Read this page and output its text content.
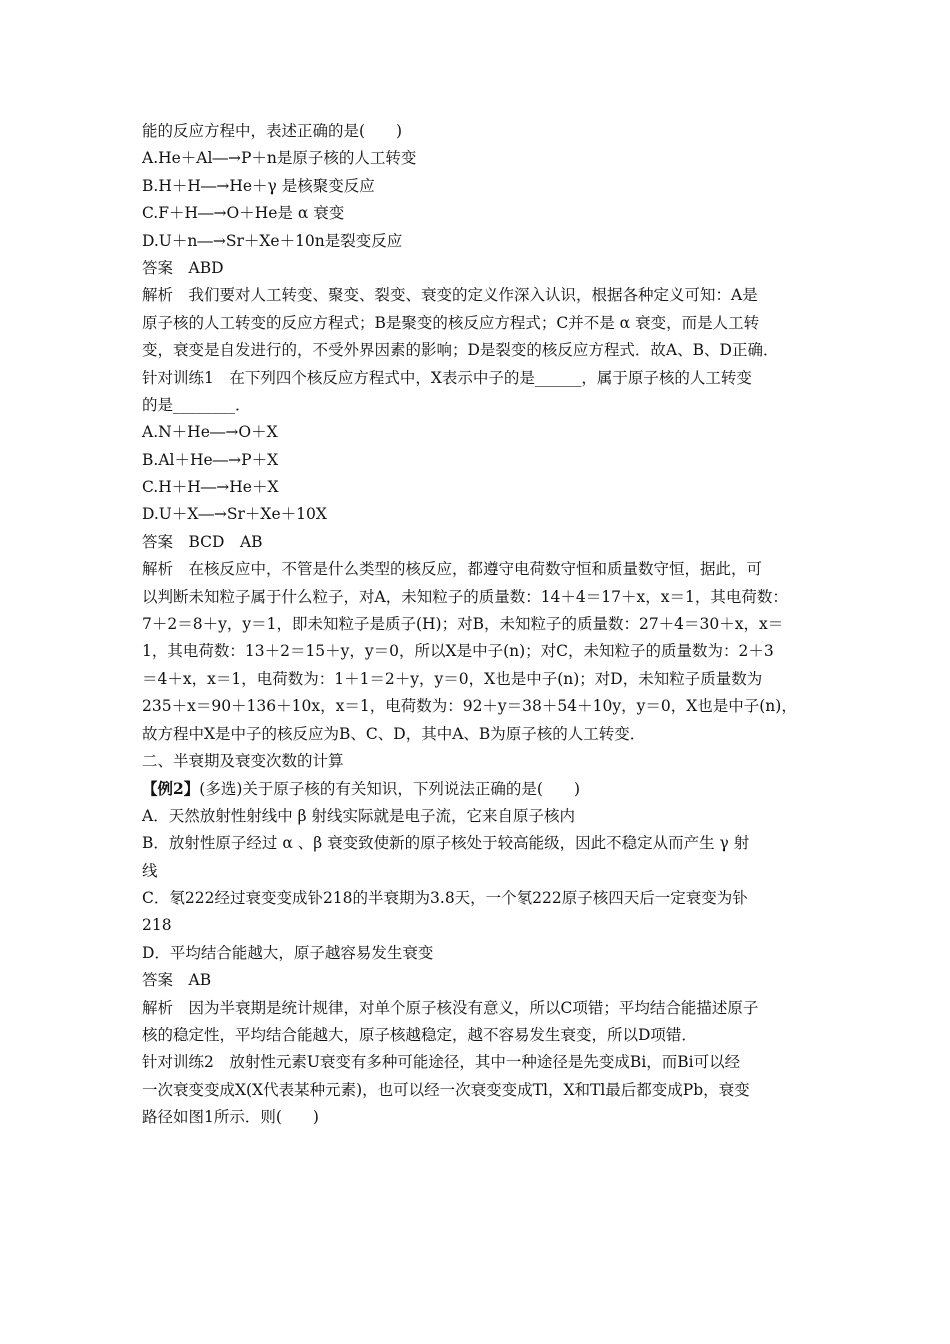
能的反应方程中，表述正确的是(　　)
A.He＋Al―→P＋n是原子核的人工转变
B.H＋H―→He＋γ 是核聚变反应
C.F＋H―→O＋He是 α 衰变
D.U＋n―→Sr＋Xe＋10n是裂变反应
答案　ABD
解析　我们要对人工转变、聚变、裂变、衰变的定义作深入认识，根据各种定义可知：A是
原子核的人工转变的反应方程式；B是聚变的核反应方程式；C并不是 α 衰变，而是人工转
变，衰变是自发进行的，不受外界因素的影响；D是裂变的核反应方程式．故A、B、D正确．
针对训练1　在下列四个核反应方程式中，X表示中子的是______，属于原子核的人工转变
的是________．
A.N＋He―→O＋X
B.Al＋He―→P＋X
C.H＋H―→He＋X
D.U＋X―→Sr＋Xe＋10X
答案　BCD　AB
解析　在核反应中，不管是什么类型的核反应，都遵守电荷数守恒和质量数守恒，据此，可
以判断未知粒子属于什么粒子，对A，未知粒子的质量数：14＋4＝17＋x，x＝1，其电荷数：
7＋2＝8＋y，y＝1，即未知粒子是质子(H)；对B，未知粒子的质量数：27＋4＝30＋x，x＝
1，其电荷数：13＋2＝15＋y，y＝0，所以X是中子(n)；对C，未知粒子的质量数为：2＋3
＝4＋x，x＝1，电荷数为：1＋1＝2＋y，y＝0，X也是中子(n)；对D，未知粒子质量数为
235＋x＝90＋136＋10x，x＝1，电荷数为：92＋y＝38＋54＋10y，y＝0，X也是中子(n)，
故方程中X是中子的核反应为B、C、D，其中A、B为原子核的人工转变．
二、半衰期及衰变次数的计算
【例2】(多选)关于原子核的有关知识，下列说法正确的是(　　)
A．天然放射性射线中 β 射线实际就是电子流，它来自原子核内
B．放射性原子经过 α 、β 衰变致使新的原子核处于较高能级，因此不稳定从而产生 γ 射
线
C．氡222经过衰变变成钋218的半衰期为3.8天，一个氡222原子核四天后一定衰变为钋
218
D．平均结合能越大，原子越容易发生衰变
答案　AB
解析　因为半衰期是统计规律，对单个原子核没有意义，所以C项错；平均结合能描述原子
核的稳定性，平均结合能越大，原子核越稳定，越不容易发生衰变，所以D项错．
针对训练2　放射性元素U衰变有多种可能途径，其中一种途径是先变成Bi，而Bi可以经
一次衰变变成X(X代表某种元素)，也可以经一次衰变变成Tl，X和Tl最后都变成Pb，衰变
路径如图1所示．则(　　)
